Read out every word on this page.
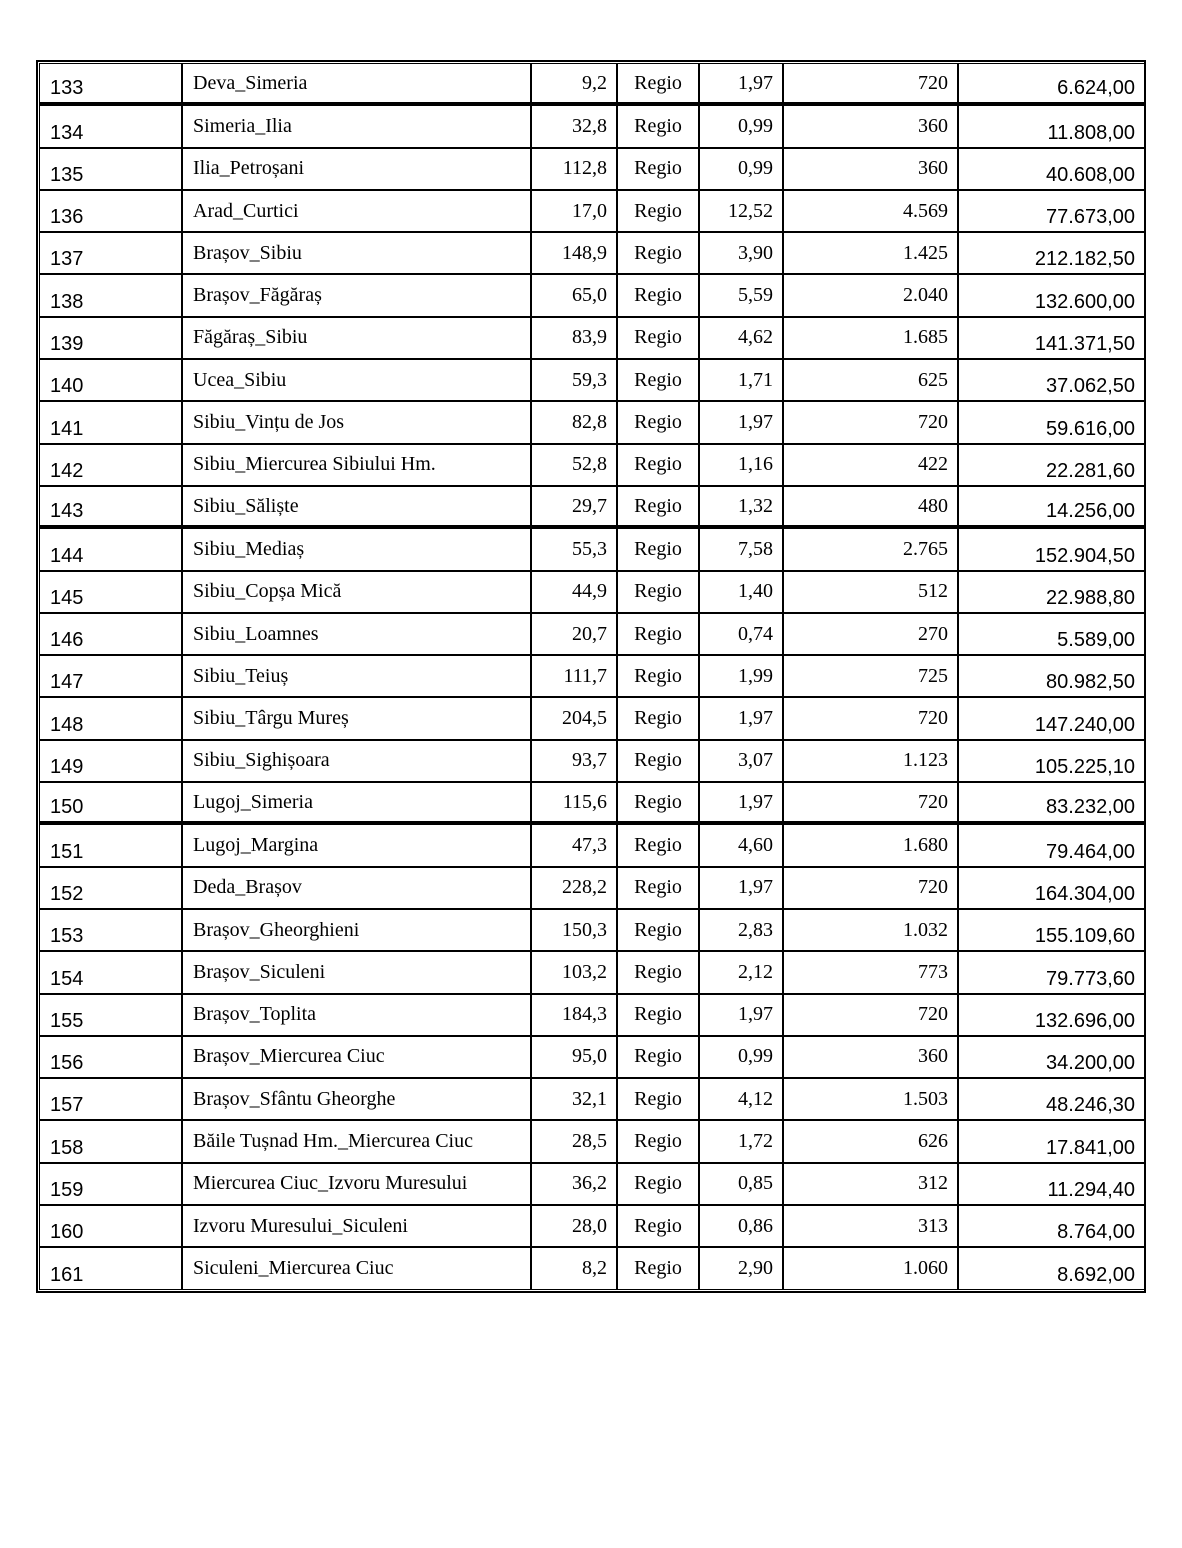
133	Deva_Simeria	9,2	Regio	1,97	720	6.624,00
134	Simeria_Ilia	32,8	Regio	0,99	360	11.808,00
135	Ilia_Petroșani	112,8	Regio	0,99	360	40.608,00
136	Arad_Curtici	17,0	Regio	12,52	4.569	77.673,00
137	Brașov_Sibiu	148,9	Regio	3,90	1.425	212.182,50
138	Brașov_Făgăraș	65,0	Regio	5,59	2.040	132.600,00
139	Făgăraș_Sibiu	83,9	Regio	4,62	1.685	141.371,50
140	Ucea_Sibiu	59,3	Regio	1,71	625	37.062,50
141	Sibiu_Vințu de Jos	82,8	Regio	1,97	720	59.616,00
142	Sibiu_Miercurea Sibiului Hm.	52,8	Regio	1,16	422	22.281,60
143	Sibiu_Săliște	29,7	Regio	1,32	480	14.256,00
144	Sibiu_Mediaș	55,3	Regio	7,58	2.765	152.904,50
145	Sibiu_Copșa Mică	44,9	Regio	1,40	512	22.988,80
146	Sibiu_Loamnes	20,7	Regio	0,74	270	5.589,00
147	Sibiu_Teiuș	111,7	Regio	1,99	725	80.982,50
148	Sibiu_Târgu Mureș	204,5	Regio	1,97	720	147.240,00
149	Sibiu_Sighișoara	93,7	Regio	3,07	1.123	105.225,10
150	Lugoj_Simeria	115,6	Regio	1,97	720	83.232,00
151	Lugoj_Margina	47,3	Regio	4,60	1.680	79.464,00
152	Deda_Brașov	228,2	Regio	1,97	720	164.304,00
153	Brașov_Gheorghieni	150,3	Regio	2,83	1.032	155.109,60
154	Brașov_Siculeni	103,2	Regio	2,12	773	79.773,60
155	Brașov_Toplita	184,3	Regio	1,97	720	132.696,00
156	Brașov_Miercurea Ciuc	95,0	Regio	0,99	360	34.200,00
157	Brașov_Sfântu Gheorghe	32,1	Regio	4,12	1.503	48.246,30
158	Băile Tușnad Hm._Miercurea Ciuc	28,5	Regio	1,72	626	17.841,00
159	Miercurea Ciuc_Izvoru Muresului	36,2	Regio	0,85	312	11.294,40
160	Izvoru Muresului_Siculeni	28,0	Regio	0,86	313	8.764,00
161	Siculeni_Miercurea Ciuc	8,2	Regio	2,90	1.060	8.692,00
